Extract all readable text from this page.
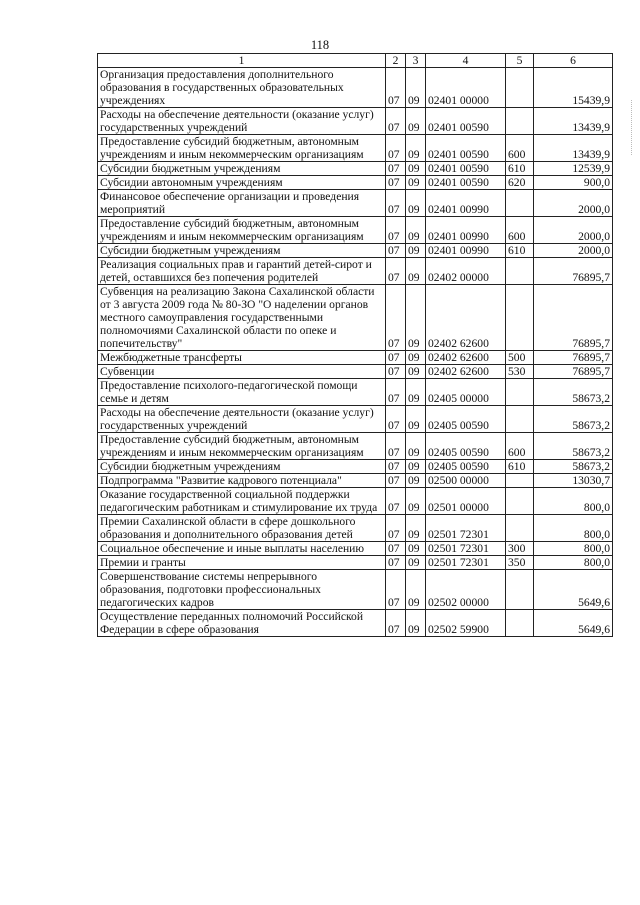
118
1	2	3	4	5	6
Организация предоставления дополнительного образования в государственных образовательных учреждениях	07	09	02401 00000		15439,9
Расходы на обеспечение деятельности (оказание услуг) государственных учреждений	07	09	02401 00590		13439,9
Предоставление субсидий бюджетным, автономным учреждениям и иным некоммерческим организациям	07	09	02401 00590	600	13439,9
Субсидии бюджетным учреждениям	07	09	02401 00590	610	12539,9
Субсидии автономным учреждениям	07	09	02401 00590	620	900,0
Финансовое обеспечение организации и проведения мероприятий	07	09	02401 00990		2000,0
Предоставление субсидий бюджетным, автономным учреждениям и иным некоммерческим организациям	07	09	02401 00990	600	2000,0
Субсидии бюджетным учреждениям	07	09	02401 00990	610	2000,0
Реализация социальных прав и гарантий детей-сирот и детей, оставшихся без попечения родителей	07	09	02402 00000		76895,7
Субвенция на реализацию Закона Сахалинской области от 3 августа 2009 года № 80-ЗО "О наделении органов местного самоуправления государственными полномочиями Сахалинской области по опеке и попечительству"	07	09	02402 62600		76895,7
Межбюджетные трансферты	07	09	02402 62600	500	76895,7
Субвенции	07	09	02402 62600	530	76895,7
Предоставление психолого-педагогической помощи семье и детям	07	09	02405 00000		58673,2
Расходы на обеспечение деятельности (оказание услуг) государственных учреждений	07	09	02405 00590		58673,2
Предоставление субсидий бюджетным, автономным учреждениям и иным некоммерческим организациям	07	09	02405 00590	600	58673,2
Субсидии бюджетным учреждениям	07	09	02405 00590	610	58673,2
Подпрограмма "Развитие кадрового потенциала"	07	09	02500 00000		13030,7
Оказание государственной социальной поддержки педагогическим работникам и стимулирование их труда	07	09	02501 00000		800,0
Премии Сахалинской области в сфере дошкольного образования и дополнительного образования детей	07	09	02501 72301		800,0
Социальное обеспечение и иные выплаты населению	07	09	02501 72301	300	800,0
Премии и гранты	07	09	02501 72301	350	800,0
Совершенствование системы непрерывного образования, подготовки профессиональных педагогических кадров	07	09	02502 00000		5649,6
Осуществление переданных полномочий Российской Федерации в сфере образования	07	09	02502 59900		5649,6
